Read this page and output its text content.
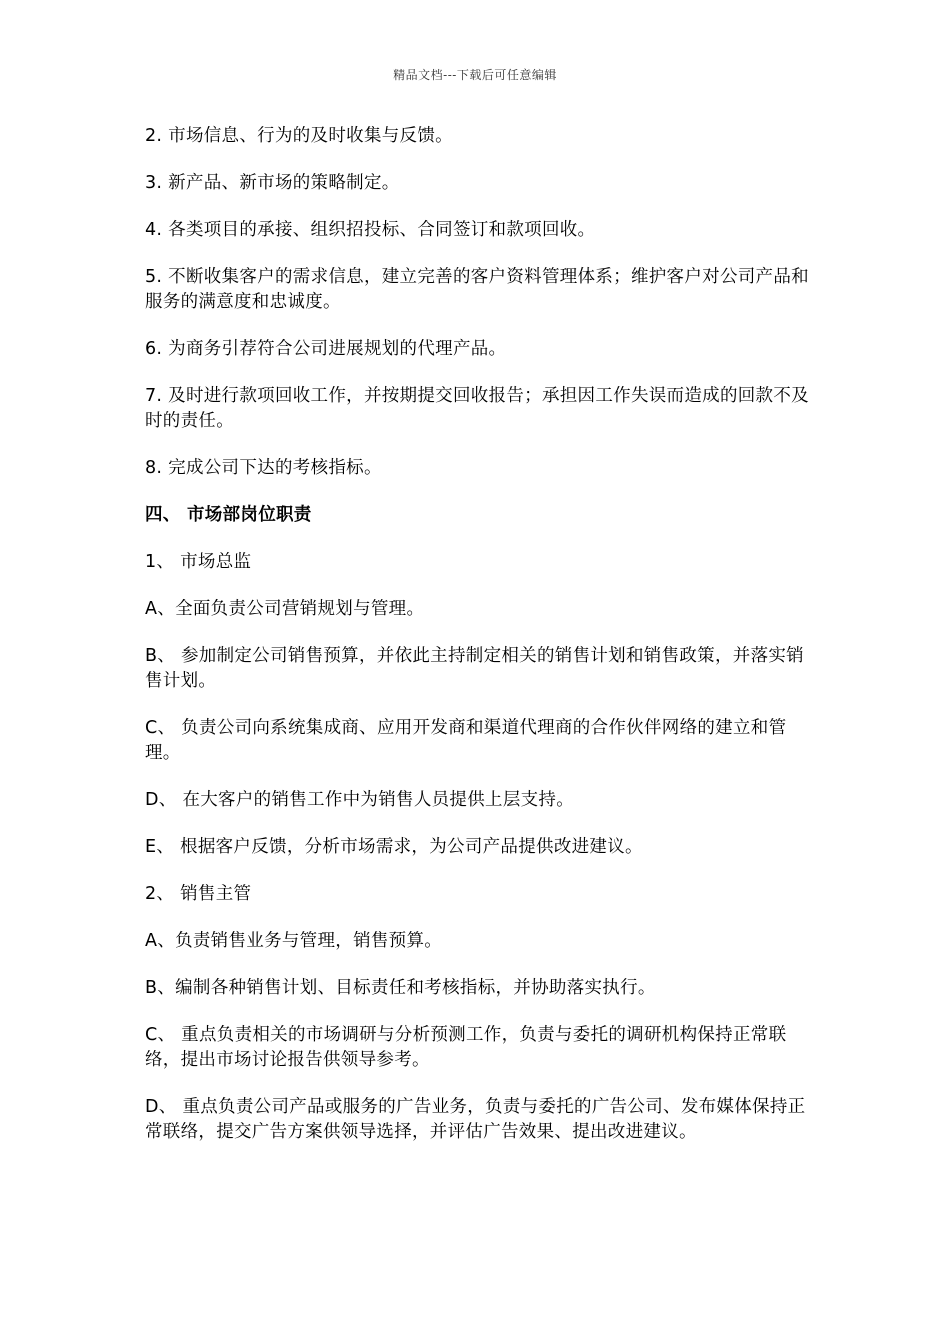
精品文档---下载后可任意编辑

2. 市场信息、行为的及时收集与反馈。

3. 新产品、新市场的策略制定。

4. 各类项目的承接、组织招投标、合同签订和款项回收。

5. 不断收集客户的需求信息，建立完善的客户资料管理体系；维护客户对公司产品和服务的满意度和忠诚度。

6. 为商务引荐符合公司进展规划的代理产品。

7. 及时进行款项回收工作，并按期提交回收报告；承担因工作失误而造成的回款不及时的责任。

8. 完成公司下达的考核指标。

四、 市场部岗位职责

1、 市场总监

A、全面负责公司营销规划与管理。

B、 参加制定公司销售预算，并依此主持制定相关的销售计划和销售政策，并落实销售计划。

C、 负责公司向系统集成商、应用开发商和渠道代理商的合作伙伴网络的建立和管理。

D、 在大客户的销售工作中为销售人员提供上层支持。

E、 根据客户反馈，分析市场需求，为公司产品提供改进建议。

2、 销售主管

A、负责销售业务与管理，销售预算。

B、编制各种销售计划、目标责任和考核指标，并协助落实执行。

C、 重点负责相关的市场调研与分析预测工作，负责与委托的调研机构保持正常联络，提出市场讨论报告供领导参考。

D、 重点负责公司产品或服务的广告业务，负责与委托的广告公司、发布媒体保持正常联络，提交广告方案供领导选择，并评估广告效果、提出改进建议。
